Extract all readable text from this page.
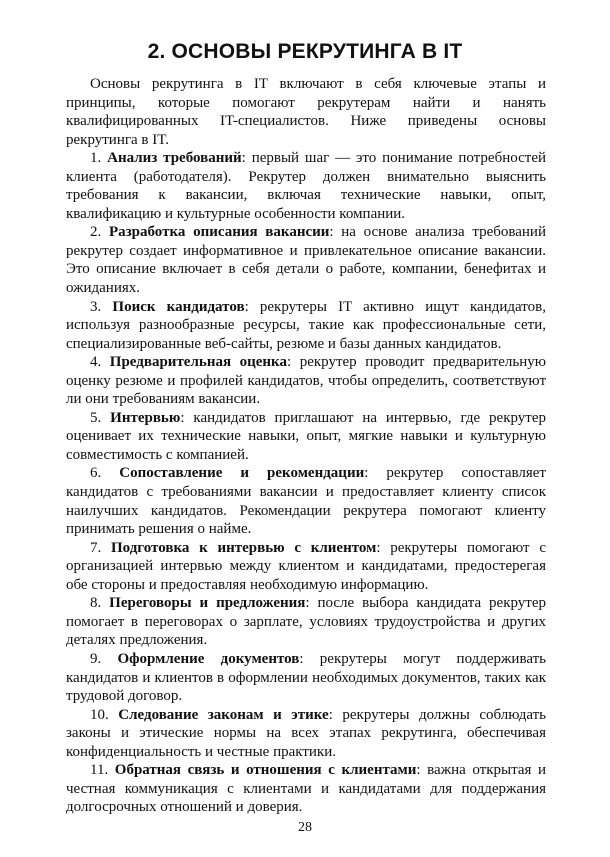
2. ОСНОВЫ РЕКРУТИНГА В IT

Основы рекрутинга в IT включают в себя ключевые этапы и принципы, которые помогают рекрутерам найти и нанять квалифицированных IT-специалистов. Ниже приведены основы рекрутинга в IT.

1. Анализ требований: первый шаг — это понимание потребностей клиента (работодателя). Рекрутер должен внимательно выяснить требования к вакансии, включая технические навыки, опыт, квалификацию и культурные особенности компании.

2. Разработка описания вакансии: на основе анализа требований рекрутер создает информативное и привлекательное описание вакансии. Это описание включает в себя детали о работе, компании, бенефитах и ожиданиях.

3. Поиск кандидатов: рекрутеры IT активно ищут кандидатов, используя разнообразные ресурсы, такие как профессиональные сети, специализированные веб-сайты, резюме и базы данных кандидатов.

4. Предварительная оценка: рекрутер проводит предварительную оценку резюме и профилей кандидатов, чтобы определить, соответствуют ли они требованиям вакансии.

5. Интервью: кандидатов приглашают на интервью, где рекрутер оценивает их технические навыки, опыт, мягкие навыки и культурную совместимость с компанией.

6. Сопоставление и рекомендации: рекрутер сопоставляет кандидатов с требованиями вакансии и предоставляет клиенту список наилучших кандидатов. Рекомендации рекрутера помогают клиенту принимать решения о найме.

7. Подготовка к интервью с клиентом: рекрутеры помогают с организацией интервью между клиентом и кандидатами, предостерегая обе стороны и предоставляя необходимую информацию.

8. Переговоры и предложения: после выбора кандидата рекрутер помогает в переговорах о зарплате, условиях трудоустройства и других деталях предложения.

9. Оформление документов: рекрутеры могут поддерживать кандидатов и клиентов в оформлении необходимых документов, таких как трудовой договор.

10. Следование законам и этике: рекрутеры должны соблюдать законы и этические нормы на всех этапах рекрутинга, обеспечивая конфиденциальность и честные практики.

11. Обратная связь и отношения с клиентами: важна открытая и честная коммуникация с клиентами и кандидатами для поддержания долгосрочных отношений и доверия.

28
